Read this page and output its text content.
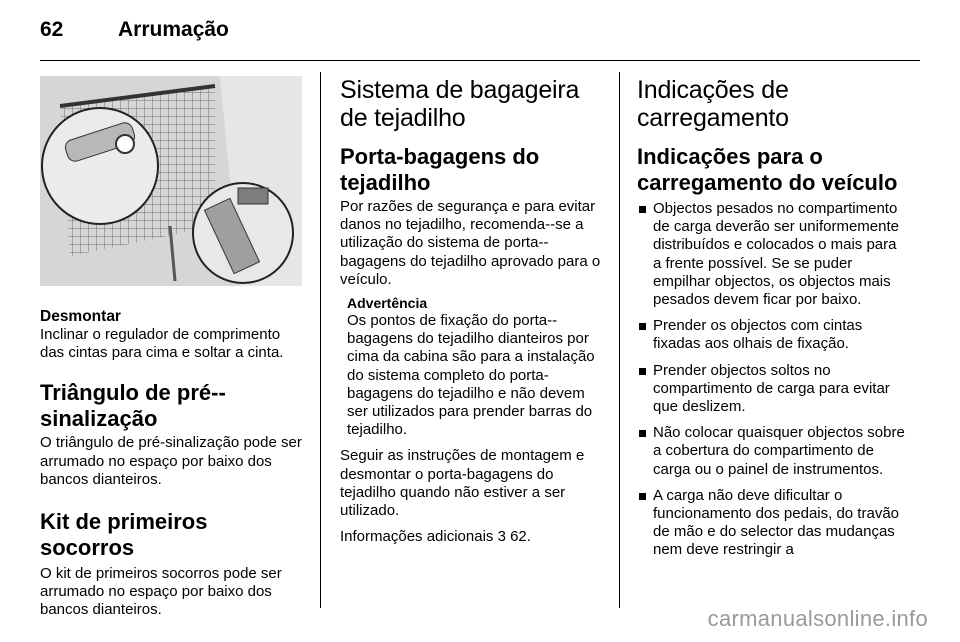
62	Arrumação

Desmontar

Inclinar o regulador de comprimento das cintas para cima e soltar a cinta.

Triângulo de pré--sinalização

O triângulo de pré-sinalização pode ser arrumado no espaço por baixo dos bancos dianteiros.

Kit de primeiros socorros

O kit de primeiros socorros pode ser arrumado no espaço por baixo dos bancos dianteiros.

Sistema de bagageira de tejadilho
Porta-bagagens do tejadilho

Por razões de segurança e para evitar danos no tejadilho, recomenda--se a utilização do sistema de porta--bagagens do tejadilho aprovado para o veículo.

Advertência

Os pontos de fixação do porta--bagagens do tejadilho dianteiros por cima da cabina são para a instalação do sistema completo do porta-bagagens do tejadilho e não devem ser utilizados para prender barras do tejadilho.

Seguir as instruções de montagem e desmontar o porta-bagagens do tejadilho quando não estiver a ser utilizado.

Informações adicionais 3 62.

Indicações de carregamento
Indicações para o carregamento do veículo
Objectos pesados no compartimento de carga deverão ser uniformemente distribuídos e colocados o mais para a frente possível. Se se puder empilhar objectos, os objectos mais pesados devem ficar por baixo.
Prender os objectos com cintas fixadas aos olhais de fixação.
Prender objectos soltos no compartimento de carga para evitar que deslizem.
Não colocar quaisquer objectos sobre a cobertura do compartimento de carga ou o painel de instrumentos.
A carga não deve dificultar o funcionamento dos pedais, do travão de mão e do selector das mudanças nem deve restringir a
carmanualsonline.info
